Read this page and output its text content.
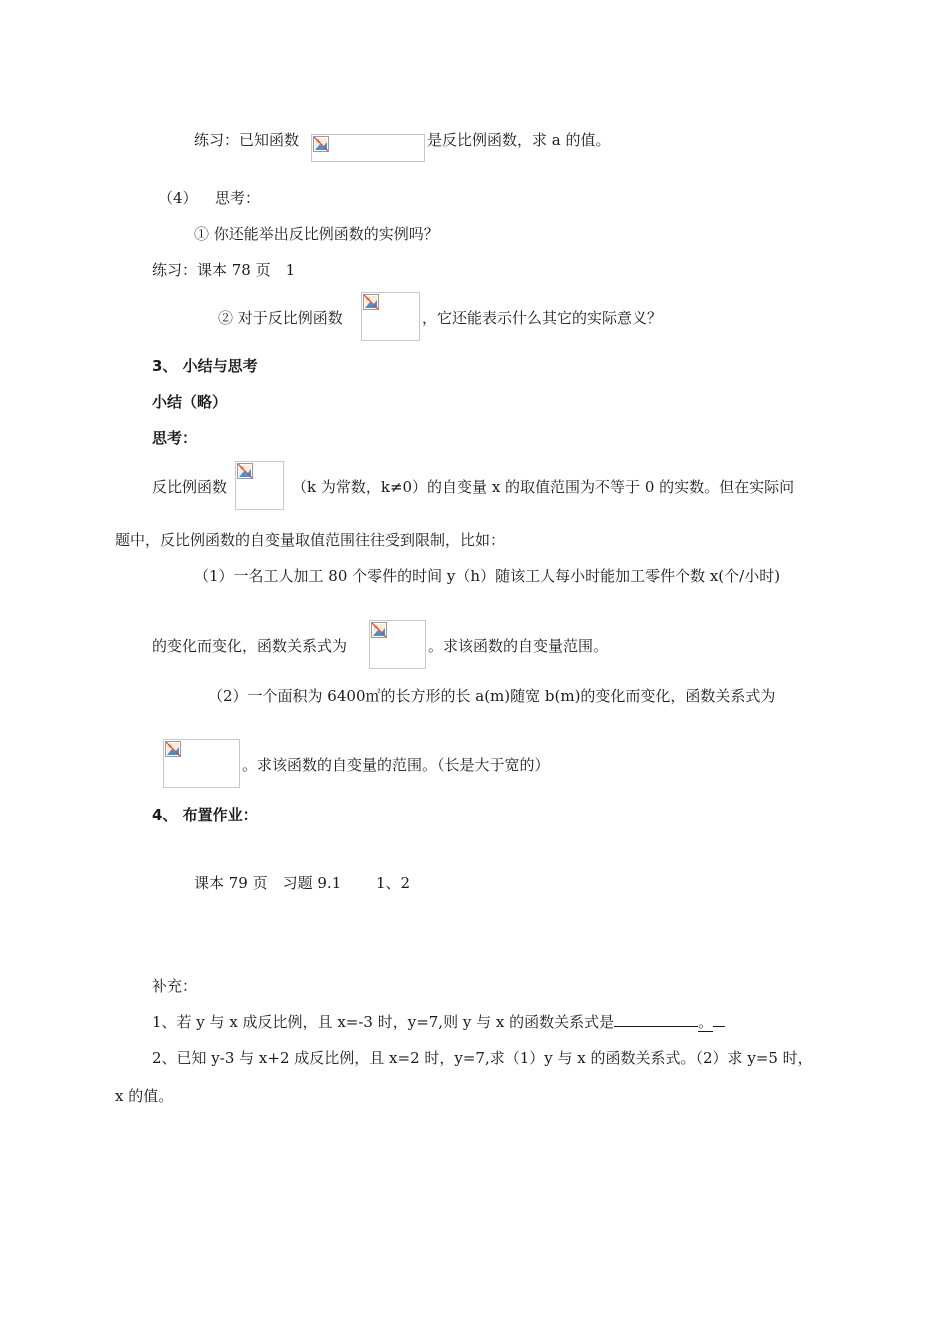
练习：已知函数	是反比例函数，求 a 的值。
（4） 思考：
① 你还能举出反比例函数的实例吗？
练习：课本 78 页　1
② 对于反比例函数	，它还能表示什么其它的实际意义？
3、 小结与思考
小结（略）
思考：
反比例函数	（k 为常数，k≠0）的自变量 x 的取值范围为不等于 0 的实数。但在实际问
题中，反比例函数的自变量取值范围往往受到限制，比如：
（1）一名工人加工 80 个零件的时间 y（h）随该工人每小时能加工零件个数 x(个/小时)
的变化而变化，函数关系式为	。求该函数的自变量范围。
（2）一个面积为 6400㎡的长方形的长 a(m)随宽 b(m)的变化而变化，函数关系式为
。求该函数的自变量的范围。（长是大于宽的）
4、 布置作业：
课本 79 页　习题 9.1　　 1、2
补充：
1、若 y 与 x 成反比例，且 x=-3 时，y=7,则 y 与 x 的函数关系式是	。
2、已知 y-3 与 x+2 成反比例，且 x=2 时，y=7,求（1）y 与 x 的函数关系式。（2）求 y=5 时，
x 的值。
